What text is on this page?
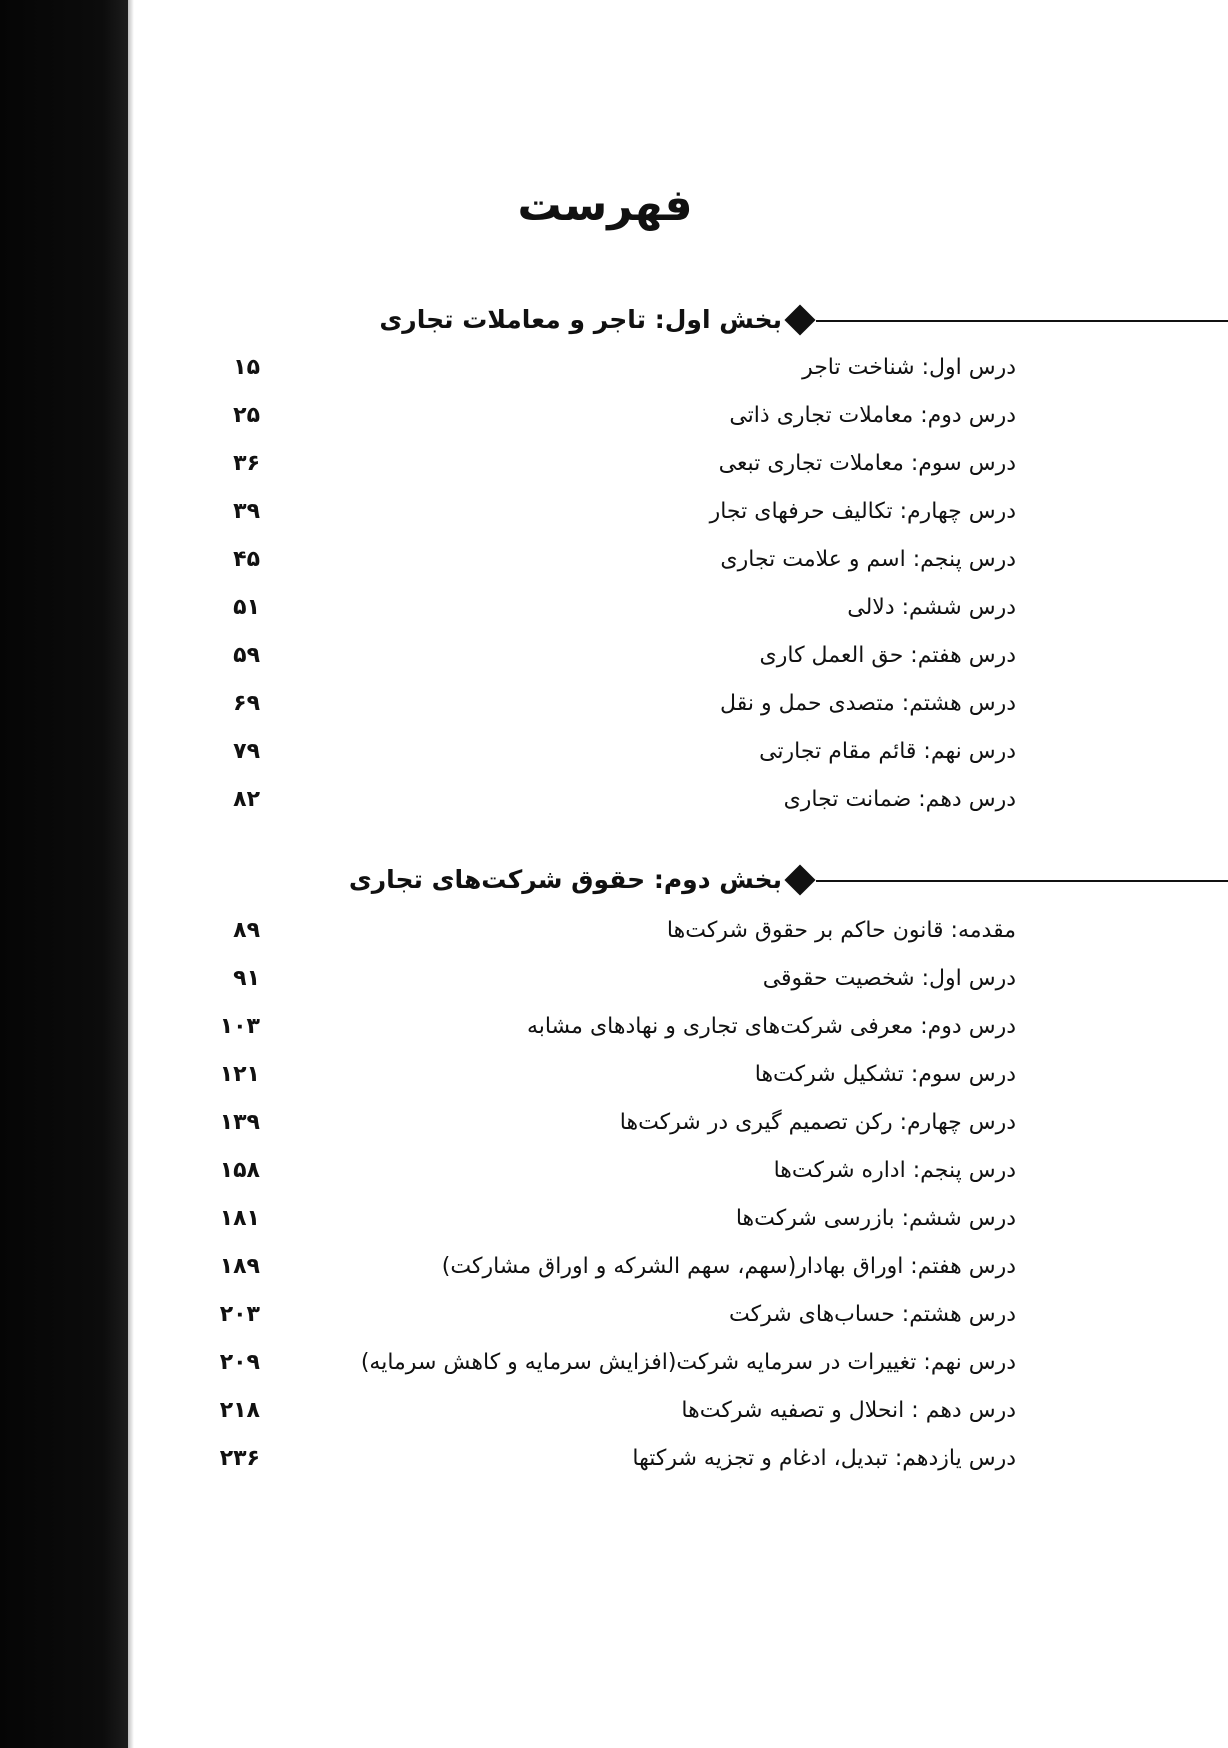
فهرست
بخش اول: تاجر و معاملات تجاری
درس اول: شناخت تاجر
۱۵
درس دوم: معاملات تجاری ذاتی
۲۵
درس سوم: معاملات تجاری تبعی
۳۶
درس چهارم: تکالیف حرفهای تجار
۳۹
درس پنجم: اسم و علامت تجاری
۴۵
درس ششم: دلالی
۵۱
درس هفتم: حق العمل کاری
۵۹
درس هشتم: متصدی حمل و نقل
۶۹
درس نهم: قائم مقام تجارتی
۷۹
درس دهم: ضمانت تجاری
۸۲
بخش دوم: حقوق شرکت‌های تجاری
مقدمه: قانون حاکم بر حقوق شرکت‌ها
۸۹
درس اول: شخصیت حقوقی
۹۱
درس دوم: معرفی شرکت‌های تجاری و نهادهای مشابه
۱۰۳
درس سوم: تشکیل شرکت‌ها
۱۲۱
درس چهارم: رکن تصمیم گیری در شرکت‌ها
۱۳۹
درس پنجم: اداره شرکت‌ها
۱۵۸
درس ششم: بازرسی شرکت‌ها
۱۸۱
درس هفتم: اوراق بهادار(سهم، سهم الشرکه و اوراق مشارکت)
۱۸۹
درس هشتم: حساب‌های شرکت
۲۰۳
درس نهم: تغییرات در سرمایه شرکت(افزایش سرمایه و کاهش سرمایه)
۲۰۹
درس دهم : انحلال و تصفیه شرکت‌ها
۲۱۸
درس یازدهم: تبدیل، ادغام و تجزیه شرکتها
۲۳۶
